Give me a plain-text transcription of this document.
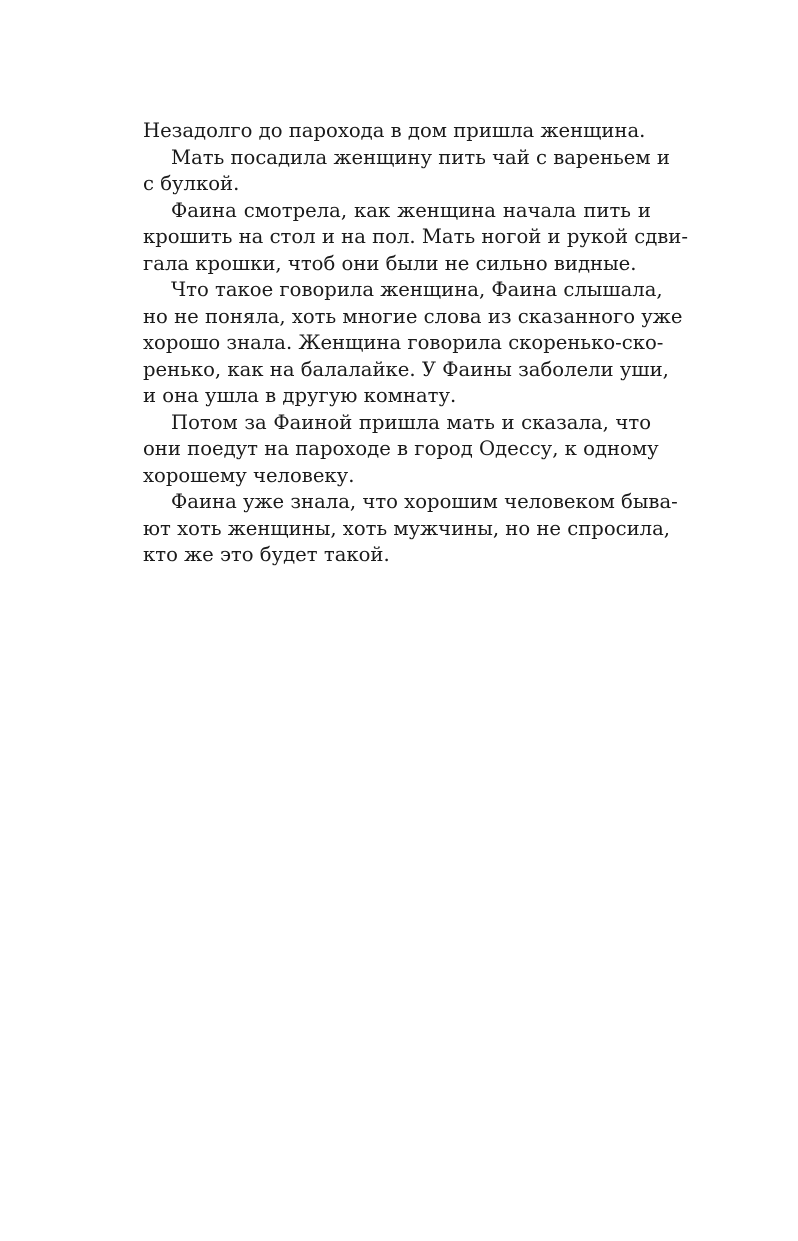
Незадолго до парохода в дом пришла женщина.
Мать посадила женщину пить чай с вареньем и
с булкой.
Фаина смотрела, как женщина начала пить и
крошить на стол и на пол. Мать ногой и рукой сдви-
гала крошки, чтоб они были не сильно видные.
Что такое говорила женщина, Фаина слышала,
но не поняла, хоть многие слова из сказанного уже
хорошо знала. Женщина говорила скоренько-ско-
ренько, как на балалайке. У Фаины заболели уши,
и она ушла в другую комнату.
Потом за Фаиной пришла мать и сказала, что
они поедут на пароходе в город Одессу, к одному
хорошему человеку.
Фаина уже знала, что хорошим человеком быва-
ют хоть женщины, хоть мужчины, но не спросила,
кто же это будет такой.
